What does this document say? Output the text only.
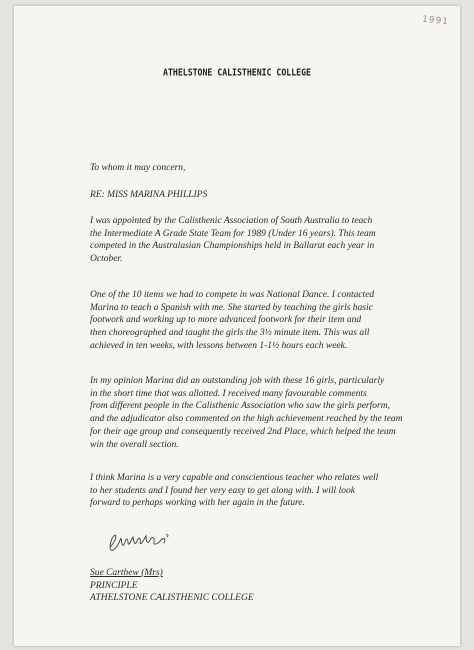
1991
ATHELSTONE CALISTHENIC COLLEGE
To whom it may concern,
RE: MISS MARINA PHILLIPS
I was appointed by the Calisthenic Association of South Australia to teach
the Intermediate A Grade State Team for 1989 (Under 16 years). This team
competed in the Australasian Championships held in Ballarat each year in
October.
One of the 10 items we had to compete in was National Dance. I contacted
Marina to teach a Spanish with me. She started by teaching the girls basic
footwork and working up to more advanced footwork for their item and
then choreographed and taught the girls the 3½ minute item. This was all
achieved in ten weeks, with lessons between 1-1½ hours each week.
In my opinion Marina did an outstanding job with these 16 girls, particularly
in the short time that was allotted. I received many favourable comments
from different people in the Calisthenic Association who saw the girls perform,
and the adjudicator also commented on the high achievement reached by the team
for their age group and consequently received 2nd Place, which helped the team
win the overall section.
I think Marina is a very capable and conscientious teacher who relates well
to her students and I found her very easy to get along with. I will look
forward to perhaps working with her again in the future.
Sue Carthew (Mrs)
PRINCIPLE
ATHELSTONE CALISTHENIC COLLEGE
